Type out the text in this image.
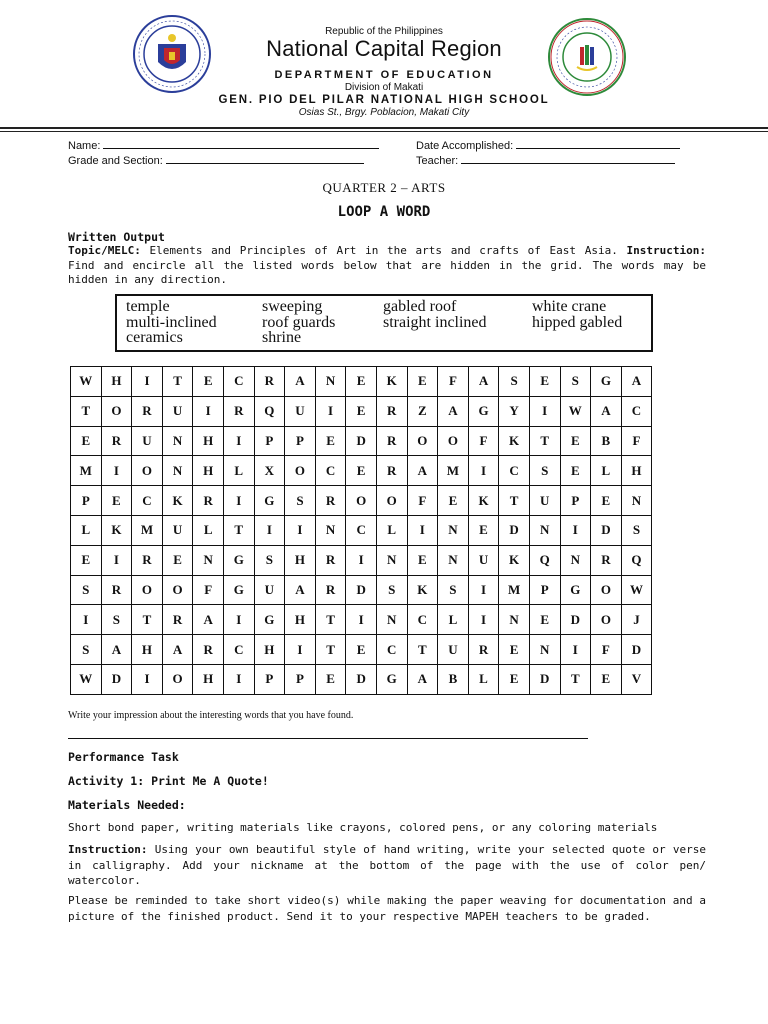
Republic of the Philippines
National Capital Region
DEPARTMENT OF EDUCATION
Division of Makati
GEN. PIO DEL PILAR NATIONAL HIGH SCHOOL
Osias St., Brgy. Poblacion, Makati City
Name:	Date Accomplished:
Grade and Section:	Teacher:
QUARTER 2 – ARTS
LOOP A WORD
Written Output
Topic/MELC: Elements and Principles of Art in the arts and crafts of East Asia. Instruction: Find and encircle all the listed words below that are hidden in the grid. The words may be hidden in any direction.
temple	sweeping	gabled roof	white crane
multi-inclined	roof guards	straight inclined	hipped gabled
ceramics	shrine
W	H	I	T	E	C	R	A	N	E	K	E	F	A	S	E	S	G	A
T	O	R	U	I	R	Q	U	I	E	R	Z	A	G	Y	I	W	A	C
E	R	U	N	H	I	P	P	E	D	R	O	O	F	K	T	E	B	F
M	I	O	N	H	L	X	O	C	E	R	A	M	I	C	S	E	L	H
P	E	C	K	R	I	G	S	R	O	O	F	E	K	T	U	P	E	N
L	K	M	U	L	T	I	I	N	C	L	I	N	E	D	N	I	D	S
E	I	R	E	N	G	S	H	R	I	N	E	N	U	K	Q	N	R	Q
S	R	O	O	F	G	U	A	R	D	S	K	S	I	M	P	G	O	W
I	S	T	R	A	I	G	H	T	I	N	C	L	I	N	E	D	O	J
S	A	H	A	R	C	H	I	T	E	C	T	U	R	E	N	I	F	D
W	D	I	O	H	I	P	P	E	D	G	A	B	L	E	D	T	E	V
Write your impression about the interesting words that you have found.
Performance Task
Activity 1: Print Me A Quote!
Materials Needed:
Short bond paper, writing materials like crayons, colored pens, or any coloring materials
Instruction: Using your own beautiful style of hand writing, write your selected quote or verse in calligraphy. Add your nickname at the bottom of the page with the use of color pen/ watercolor.
Please be reminded to take short video(s) while making the paper weaving for documentation and a picture of the finished product. Send it to your respective MAPEH teachers to be graded.
